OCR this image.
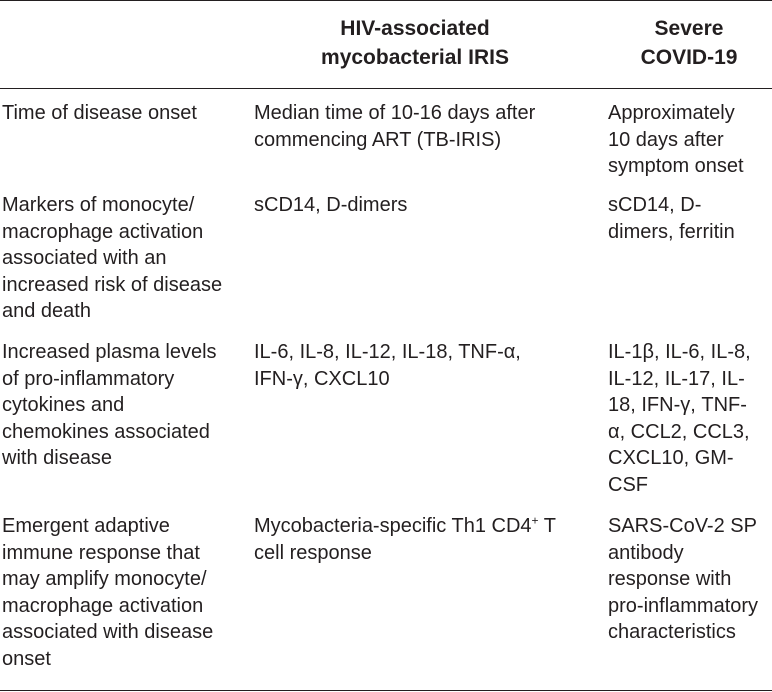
HIV-associated
mycobacterial IRIS
Severe
COVID-19
Time of disease onset	Median time of 10-16 days after
commencing ART (TB-IRIS)
Approximately
10 days after
symptom onset
Markers of monocyte/
macrophage activation
associated with an
increased risk of disease
and death
sCD14, D-dimers	sCD14, D-
dimers, ferritin
Increased plasma levels
of pro-inflammatory
cytokines and
chemokines associated
with disease
IL-6, IL-8, IL-12, IL-18, TNF-α,
IFN-γ, CXCL10
IL-1β, IL-6, IL-8,
IL-12, IL-17, IL-
18, IFN-γ, TNF-
α, CCL2, CCL3,
CXCL10, GM-
CSF
Emergent adaptive
immune response that
may amplify monocyte/
macrophage activation
associated with disease
onset
Mycobacteria-specific Th1 CD4+ T
cell response
SARS-CoV-2 SP
antibody
response with
pro-inflammatory
characteristics
